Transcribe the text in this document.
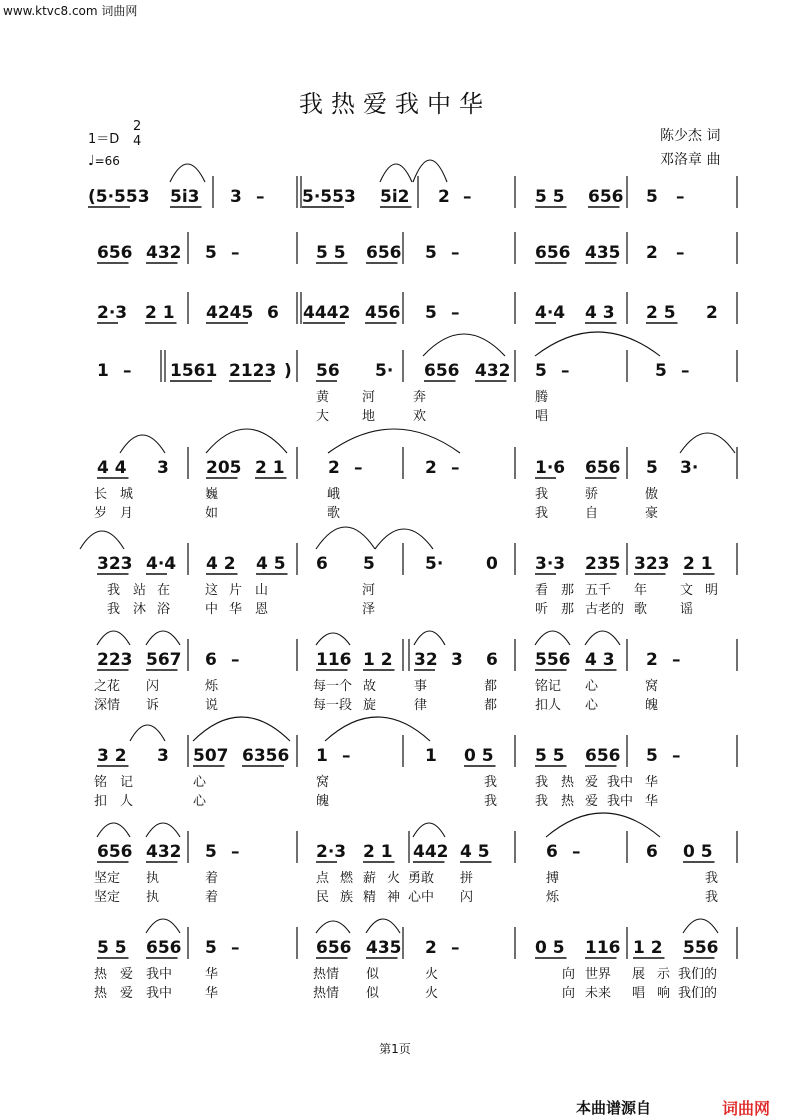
www.ktvc8.com 词曲网
我热爱我中华
1＝D
2
4
♩=66
陈少杰 词
邓洛章 曲
(5·553 5i3 3 – 5·553 5i2 2 –	5 5 656 5 –
656 432 5 –	5 5 656 5 –	656 435 2 –
2·3 2 1 4245 6 4442 456 5 –	4·4 4 3 2 5 2
1 – 1561 2123 ) 56 5· 656 432 5 –	5 –
黄	河	奔	腾
大	地	欢	唱
4 4 3 205 2 1	2 –	2 –	1·6 656 5 3·
长 城	巍	峨	我	骄	傲
岁 月	如	歌	我	自	豪
323 4·4 4 2 4 5 6 5	5·	0 3·3 235 323 2 1
我 站 在	这 片 山	河	看 那 五千 年	文 明
我 沐 浴	中 华 恩	泽	听 那 古老的 歌	谣
223 567 6 –	116 1 2 32 3 6 556 4 3 2 –
之花 闪	烁	每一个 故	事	都	铭记 心	窝
深情 诉	说	每一段 旋	律	都	扣人 心	魄
3 2 3 507 6356 1 –	1 0 5 5 5 656 5 –
铭 记	心	窝	我	我 热 爱 我中 华
扣 人	心	魄	我	我 热 爱 我中 华
656 432 5 –	2·3 2 1 442 4 5	6 –	6 0 5
坚定 执	着	点 燃 薪 火 勇敢 拼	搏	我
坚定 执	着	民 族 精 神 心中 闪	烁	我
5 5 656 5 –	656 435 2 –	0 5 116 1 2 556
热 爱 我中	华	热情 似	火	向 世界 展 示 我们的
热 爱 我中	华	热情 似	火	向 未来 唱 响 我们的
第1页
本曲谱源自	词曲网
